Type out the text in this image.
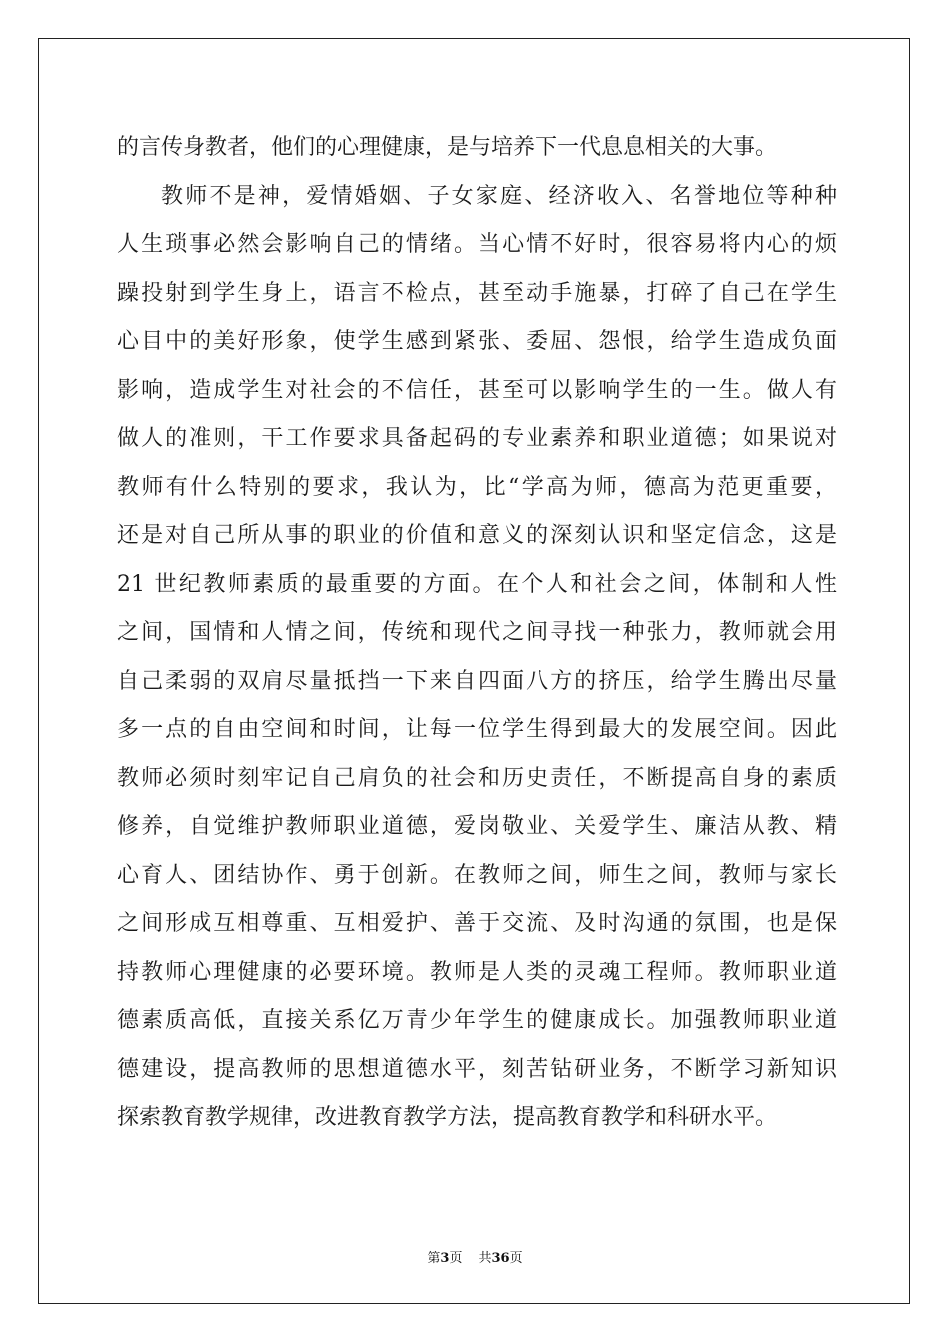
的言传身教者，他们的心理健康，是与培养下一代息息相关的大事。
教师不是神，爱情婚姻、子女家庭、经济收入、名誉地位等种种
人生琐事必然会影响自己的情绪。当心情不好时，很容易将内心的烦
躁投射到学生身上，语言不检点，甚至动手施暴，打碎了自己在学生
心目中的美好形象，使学生感到紧张、委屈、怨恨，给学生造成负面
影响，造成学生对社会的不信任，甚至可以影响学生的一生。做人有
做人的准则，干工作要求具备起码的专业素养和职业道德；如果说对
教师有什么特别的要求，我认为，比“学高为师，德高为范更重要，
还是对自己所从事的职业的价值和意义的深刻认识和坚定信念，这是
21 世纪教师素质的最重要的方面。在个人和社会之间，体制和人性
之间，国情和人情之间，传统和现代之间寻找一种张力，教师就会用
自己柔弱的双肩尽量抵挡一下来自四面八方的挤压，给学生腾出尽量
多一点的自由空间和时间，让每一位学生得到最大的发展空间。因此
教师必须时刻牢记自己肩负的社会和历史责任，不断提高自身的素质
修养，自觉维护教师职业道德，爱岗敬业、关爱学生、廉洁从教、精
心育人、团结协作、勇于创新。在教师之间，师生之间，教师与家长
之间形成互相尊重、互相爱护、善于交流、及时沟通的氛围，也是保
持教师心理健康的必要环境。教师是人类的灵魂工程师。教师职业道
德素质高低，直接关系亿万青少年学生的健康成长。加强教师职业道
德建设，提高教师的思想道德水平，刻苦钻研业务，不断学习新知识
探索教育教学规律，改进教育教学方法，提高教育教学和科研水平。
第3页 共36页
